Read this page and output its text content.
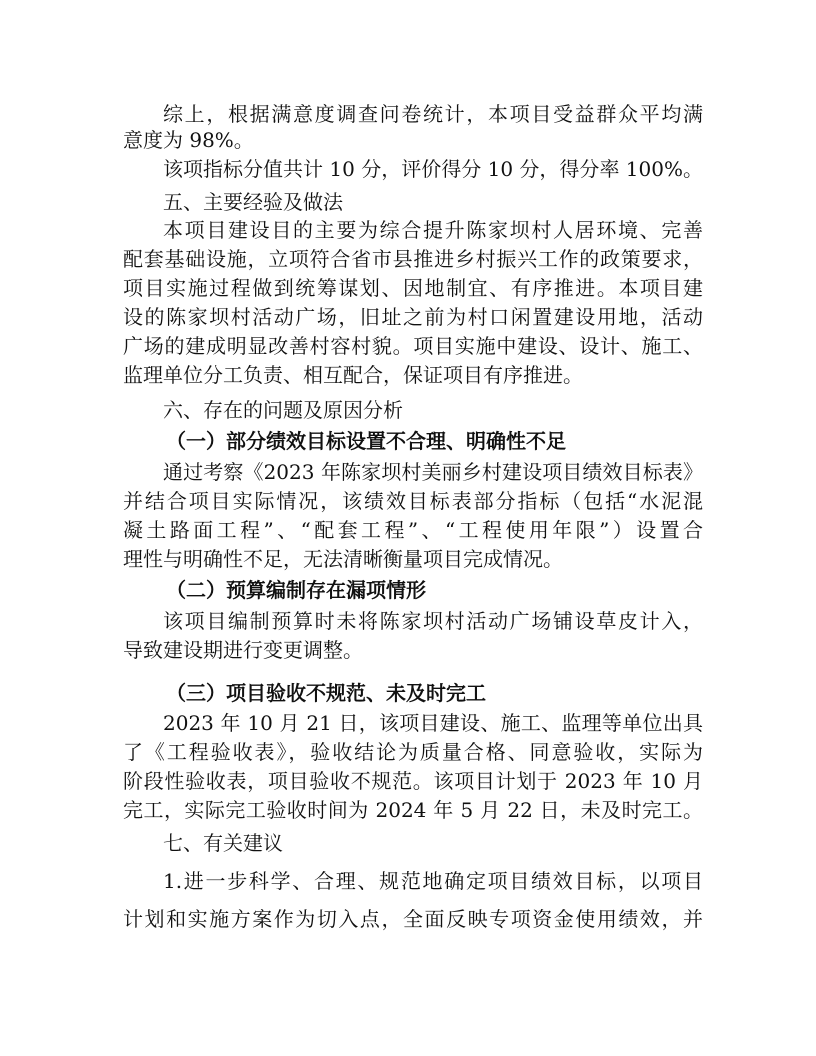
综上，根据满意度调查问卷统计，本项目受益群众平均满
意度为 98%。
该项指标分值共计 10 分，评价得分 10 分，得分率 100%。
五、主要经验及做法
本项目建设目的主要为综合提升陈家坝村人居环境、完善
配套基础设施，立项符合省市县推进乡村振兴工作的政策要求，
项目实施过程做到统筹谋划、因地制宜、有序推进。本项目建
设的陈家坝村活动广场，旧址之前为村口闲置建设用地，活动
广场的建成明显改善村容村貌。项目实施中建设、设计、施工、
监理单位分工负责、相互配合，保证项目有序推进。
六、存在的问题及原因分析
（一）部分绩效目标设置不合理、明确性不足
通过考察《2023 年陈家坝村美丽乡村建设项目绩效目标表》
并结合项目实际情况，该绩效目标表部分指标（包括“水泥混
凝土路面工程”、“配套工程”、“工程使用年限”）设置合
理性与明确性不足，无法清晰衡量项目完成情况。
（二）预算编制存在漏项情形
该项目编制预算时未将陈家坝村活动广场铺设草皮计入，
导致建设期进行变更调整。
（三）项目验收不规范、未及时完工
2023 年 10 月 21 日，该项目建设、施工、监理等单位出具
了《工程验收表》，验收结论为质量合格、同意验收，实际为
阶段性验收表，项目验收不规范。该项目计划于 2023 年 10 月
完工，实际完工验收时间为 2024 年 5 月 22 日，未及时完工。
七、有关建议
1.进一步科学、合理、规范地确定项目绩效目标，以项目
计划和实施方案作为切入点，全面反映专项资金使用绩效，并
